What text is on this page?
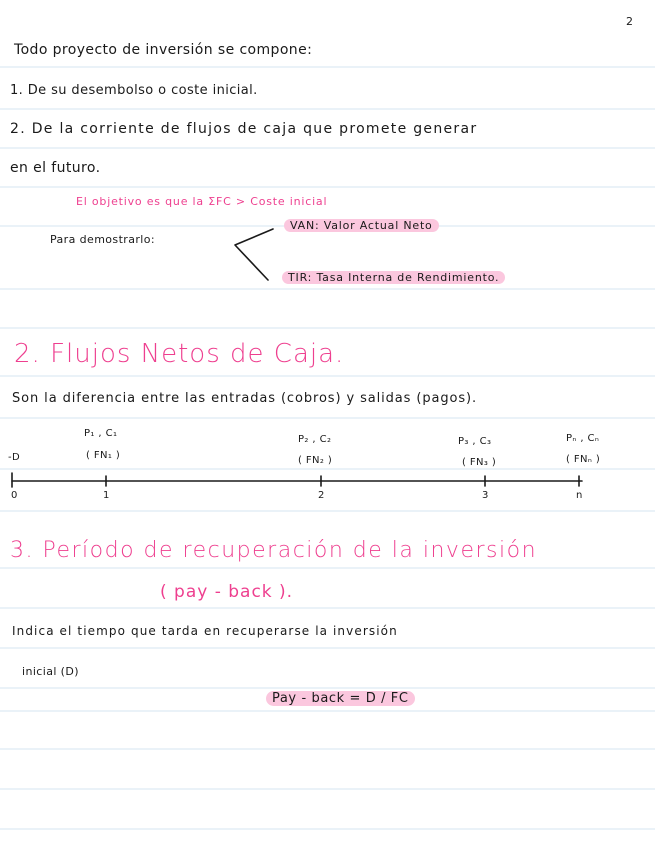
2
Todo proyecto de inversión se compone:
1. De su desembolso o coste inicial.
2. De la corriente de flujos de caja que promete generar
en el futuro.
El objetivo es que la ΣFC > Coste inicial
Para demostrarlo:
VAN: Valor Actual Neto
TIR: Tasa Interna de Rendimiento.
2. Flujos Netos de Caja.
Son la diferencia entre las entradas (cobros) y salidas (pagos).
-D
P₁ , C₁
( FN₁ )
P₂ , C₂
( FN₂ )
P₃ , C₃
( FN₃ )
Pₙ , Cₙ
( FNₙ )
0	1	2	3	n
3. Período de recuperación de la inversión
( pay - back ).
Indica el tiempo que tarda en recuperarse la inversión
inicial (D)
Pay - back = D / FC
